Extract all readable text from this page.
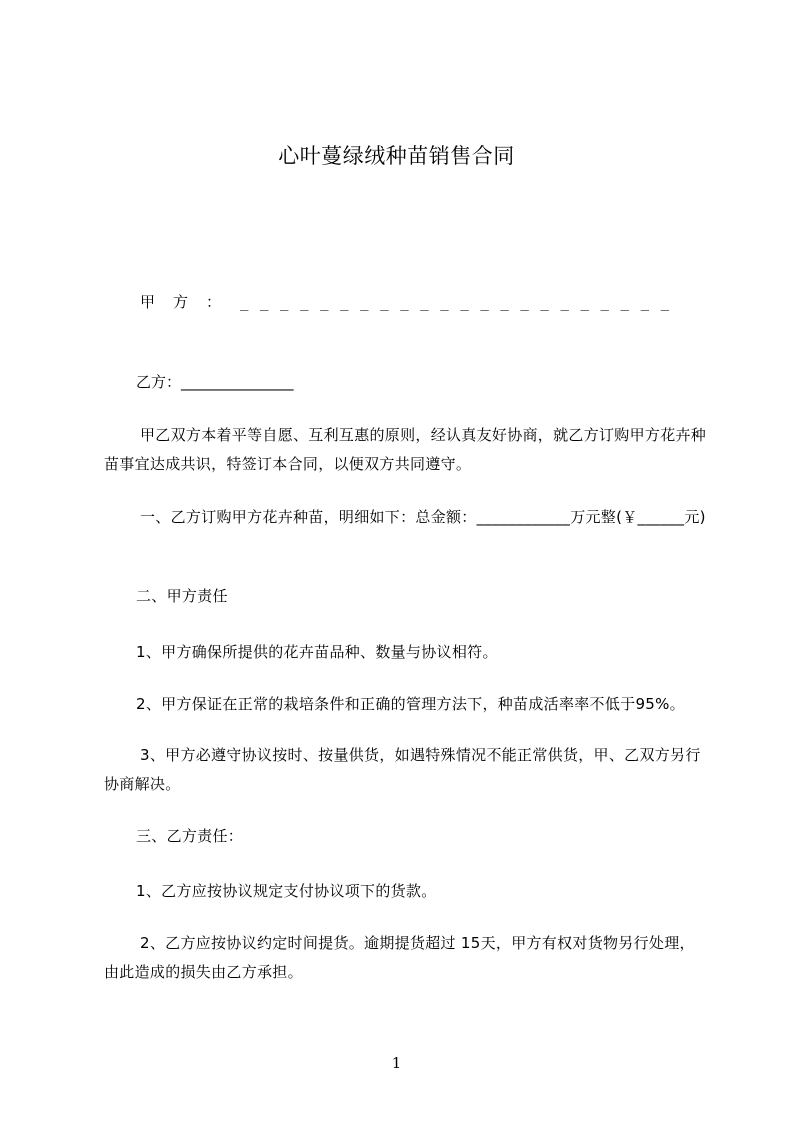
心叶蔓绿绒种苗销售合同
甲方：______________________
乙方：_______________
甲乙双方本着平等自愿、互利互惠的原则，经认真友好协商，就乙方订购甲方花卉种苗事宜达成共识，特签订本合同，以便双方共同遵守。
一、乙方订购甲方花卉种苗，明细如下：总金额：____________万元整(￥______元)
二、甲方责任
1、甲方确保所提供的花卉苗品种、数量与协议相符。
2、甲方保证在正常的栽培条件和正确的管理方法下，种苗成活率率不低于95%。
3、甲方必遵守协议按时、按量供货，如遇特殊情况不能正常供货，甲、乙双方另行协商解决。
三、乙方责任：
1、乙方应按协议规定支付协议项下的货款。
2、乙方应按协议约定时间提货。逾期提货超过 15天，甲方有权对货物另行处理，由此造成的损失由乙方承担。
1
